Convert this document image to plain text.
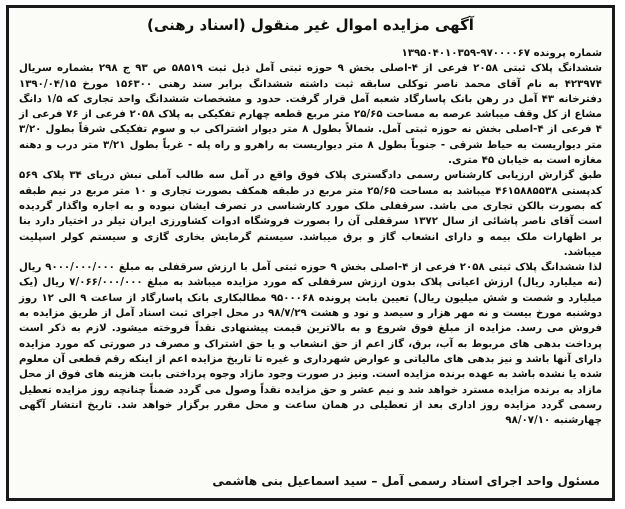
آگهی مزایده اموال غیر منقول (اسناد رهنی)

شماره پرونده ۹۷۰۰۰۰۶۷-۱۳۹۵۰۴۰۱۰۳۵۹

ششدانگ پلاک ثبتی ۲۰۵۸ فرعی از ۴-اصلی بخش ۹ حوزه ثبتی آمل ذیل ثبت ۵۸۵۱۹ ص ۹۳ ج ۲۹۸ بشماره سریال ۴۲۳۹۷۴ به نام آقای محمد ناصر توکلی سابقه ثبت داشته ششدانگ برابر سند رهنی ۱۵۶۳۰۰ مورخ ۱۳۹۰/۰۴/۱۵ دفترخانه ۴۳ آمل در رهن بانک پاسارگاد شعبه آمل قرار گرفت. حدود و مشخصات ششدانگ واحد تجاری که ۱/۵ دانگ مشاع از کل وقف میباشد عرصه به مساحت ۲۵/۶۵ متر مربع قطعه چهارم تفکیکی به پلاک ۲۰۵۸ فرعی از ۷۶ فرعی از ۴ فرعی از ۴-اصلی بخش نه حوزه ثبتی آمل. شمالاً بطول ۸ متر دیوار اشتراکی ب و سوم تفکیکی شرقاً بطول ۳/۲۰ متر دیواریست به حیاط شرقی - جنوباً بطول ۸ متر دیواریست به راهرو و راه پله - غرباً بطول ۳/۲۱ متر درب و دهنه مغازه است به خیابان ۴۵ متری.

طبق گزارش ارزیابی کارشناس رسمی دادگستری پلاک فوق واقع در آمل سه طالب آملی نبش دریای ۳۴ پلاک ۵۶۹ کدپستی ۴۶۱۵۸۸۵۵۳۸ میباشد به مساحت ۲۵/۶۵ متر مربع در طبقه همکف بصورت تجاری و ۱۰ متر مربع در نیم طبقه که بصورت بالکن تجاری می باشد. سرقفلی ملک مورد کارشناسی در تصرف ایشان نبوده و به اجاره واگذار گردیده است آقای ناصر پاشائی از سال ۱۳۷۲ سرقفلی آن را بصورت فروشگاه ادوات کشاورزی ایران تیلر در اختیار دارد بنا بر اظهارات ملک بیمه و دارای انشعاب گاز و برق میباشد. سیستم گرمایش بخاری گازی و سیستم کولر اسپلیت میباشد.

لذا ششدانگ پلاک ثبتی ۲۰۵۸ فرعی از ۴-اصلی بخش ۹ حوزه ثبتی آمل با ارزش سرقفلی به مبلغ ۹۰۰۰/۰۰۰/۰۰۰ ریال (نه میلیارد ریال) ارزش اعیانی پلاک بدون ارزش سرقفلی که مورد مزایده میباشد به مبلغ ۷/۰۶۶/۰۰۰/۰۰۰ ریال (یک میلیارد و شصت و شش میلیون ریال) تعیین بابت پرونده ۹۵۰۰۰۶۸ مطالبکاری بانک پاسارگاد از ساعت ۹ الی ۱۲ روز دوشنبه مورخ بیست و نه مهر هزار و سیصد و نود و هشت ۹۸/۷/۲۹ در محل اجرای ثبت اسناد آمل از طریق مزایده به فروش می رسد. مزایده از مبلغ فوق شروع و به بالاترین قیمت پیشنهادی نقداً فروخته میشود. لازم به ذکر است پرداخت بدهی های مربوط به آب، برق، گاز اعم از حق انشعاب و یا حق اشتراک و مصرف در صورتی که مورد مزایده دارای آنها باشد و نیز بدهی های مالیاتی و عوارض شهرداری و غیره تا تاریخ مزایده اعم از اینکه رقم قطعی آن معلوم شده یا نشده باشد به عهده برنده مزایده است. ونیز در صورت وجود مازاد وجوه پرداختی بابت هزینه های فوق از محل مازاد به برنده مزایده مسترد خواهد شد و نیم عشر و حق مزایده نقداً وصول می گردد ضمناً چنانچه روز مزایده تعطیل رسمی گردد مزایده روز اداری بعد از تعطیلی در همان ساعت و محل مقرر برگزار خواهد شد. تاریخ انتشار آگهی چهارشنبه ۹۸/۰۷/۱۰

مسئول واحد اجرای اسناد رسمی آمل – سید اسماعیل بنی هاشمی
